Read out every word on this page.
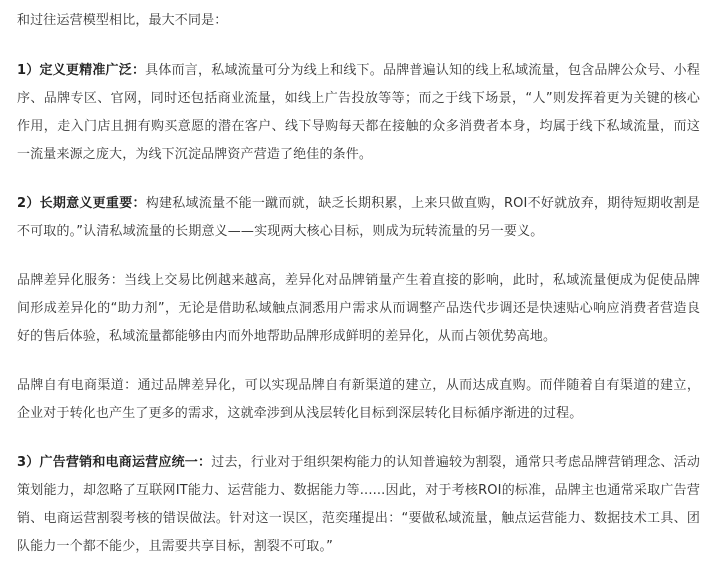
和过往运营模型相比，最大不同是：

1）定义更精准广泛：具体而言，私域流量可分为线上和线下。品牌普遍认知的线上私域流量，包含品牌公众号、小程序、品牌专区、官网，同时还包括商业流量，如线上广告投放等等；而之于线下场景，“人”则发挥着更为关键的核心作用，走入门店且拥有购买意愿的潜在客户、线下导购每天都在接触的众多消费者本身，均属于线下私域流量，而这一流量来源之庞大，为线下沉淀品牌资产营造了绝佳的条件。

2）长期意义更重要：构建私域流量不能一蹴而就，缺乏长期积累，上来只做直购，ROI不好就放弃，期待短期收割是不可取的。”认清私域流量的长期意义——实现两大核心目标，则成为玩转流量的另一要义。

品牌差异化服务：当线上交易比例越来越高，差异化对品牌销量产生着直接的影响，此时，私域流量便成为促使品牌间形成差异化的“助力剂”，无论是借助私域触点洞悉用户需求从而调整产品迭代步调还是快速贴心响应消费者营造良好的售后体验，私域流量都能够由内而外地帮助品牌形成鲜明的差异化，从而占领优势高地。

品牌自有电商渠道：通过品牌差异化，可以实现品牌自有新渠道的建立，从而达成直购。而伴随着自有渠道的建立，企业对于转化也产生了更多的需求，这就牵涉到从浅层转化目标到深层转化目标循序渐进的过程。

3）广告营销和电商运营应统一：过去，行业对于组织架构能力的认知普遍较为割裂，通常只考虑品牌营销理念、活动策划能力，却忽略了互联网IT能力、运营能力、数据能力等......因此，对于考核ROI的标准，品牌主也通常采取广告营销、电商运营割裂考核的错误做法。针对这一误区，范奕瑾提出：“要做私域流量，触点运营能力、数据技术工具、团队能力一个都不能少，且需要共享目标，割裂不可取。”
